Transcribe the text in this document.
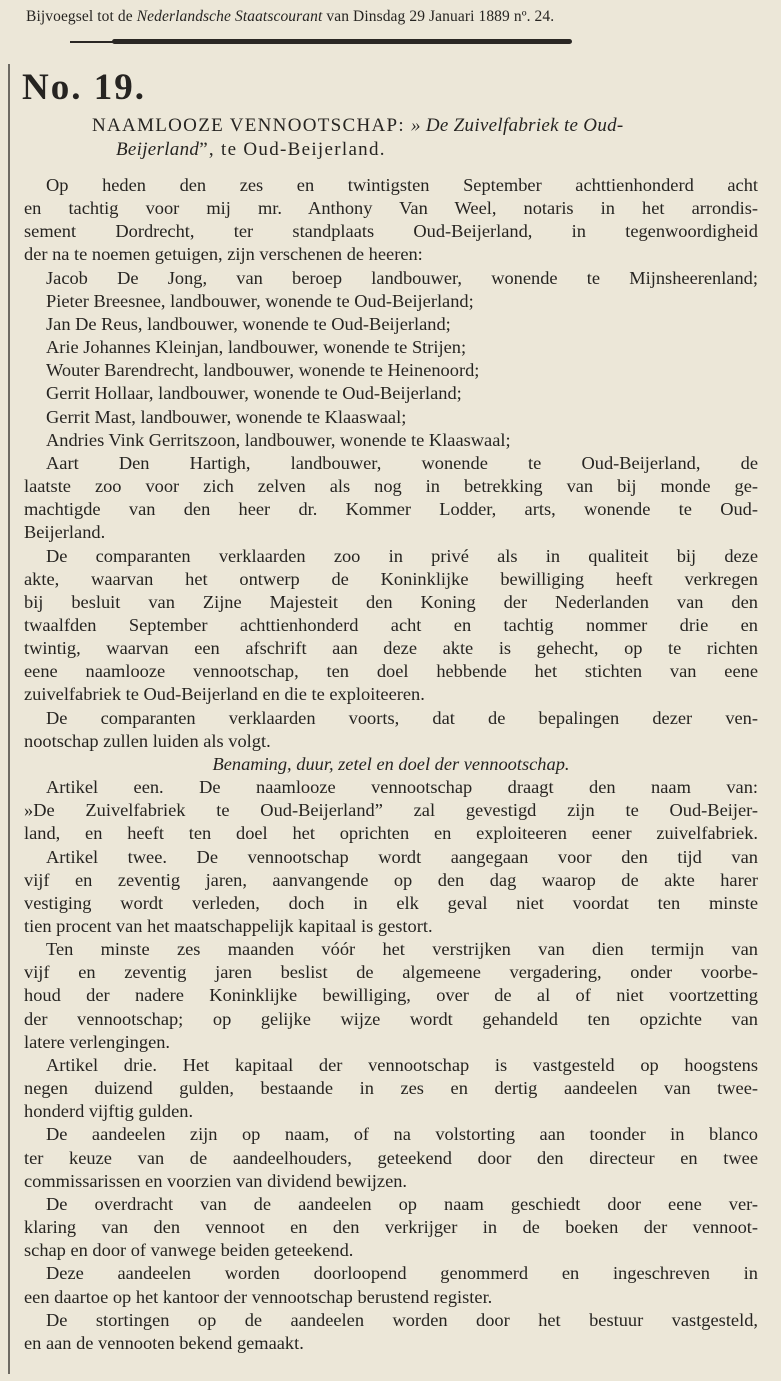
Bijvoegsel tot de Nederlandsche Staatscourant van Dinsdag 29 Januari 1889 nº. 24.
No. 19.
NAAMLOOZE VENNOOTSCHAP: » De Zuivelfabriek te Oud-
Beijerland”, te Oud-Beijerland.
Op heden den zes en twintigsten September achttienhonderd acht
en tachtig voor mij mr. Anthony Van Weel, notaris in het arrondis-
sement Dordrecht, ter standplaats Oud-Beijerland, in tegenwoordigheid
der na te noemen getuigen, zijn verschenen de heeren:
Jacob De Jong, van beroep landbouwer, wonende te Mijnsheerenland;
Pieter Breesnee, landbouwer, wonende te Oud-Beijerland;
Jan De Reus, landbouwer, wonende te Oud-Beijerland;
Arie Johannes Kleinjan, landbouwer, wonende te Strijen;
Wouter Barendrecht, landbouwer, wonende te Heinenoord;
Gerrit Hollaar, landbouwer, wonende te Oud-Beijerland;
Gerrit Mast, landbouwer, wonende te Klaaswaal;
Andries Vink Gerritszoon, landbouwer, wonende te Klaaswaal;
Aart Den Hartigh, landbouwer, wonende te Oud-Beijerland, de
laatste zoo voor zich zelven als nog in betrekking van bij monde ge-
machtigde van den heer dr. Kommer Lodder, arts, wonende te Oud-
Beijerland.
De comparanten verklaarden zoo in privé als in qualiteit bij deze
akte, waarvan het ontwerp de Koninklijke bewilliging heeft verkregen
bij besluit van Zijne Majesteit den Koning der Nederlanden van den
twaalfden September achttienhonderd acht en tachtig nommer drie en
twintig, waarvan een afschrift aan deze akte is gehecht, op te richten
eene naamlooze vennootschap, ten doel hebbende het stichten van eene
zuivelfabriek te Oud-Beijerland en die te exploiteeren.
De comparanten verklaarden voorts, dat de bepalingen dezer ven-
nootschap zullen luiden als volgt.
Benaming, duur, zetel en doel der vennootschap.
Artikel een. De naamlooze vennootschap draagt den naam van:
»De Zuivelfabriek te Oud-Beijerland” zal gevestigd zijn te Oud-Beijer-
land, en heeft ten doel het oprichten en exploiteeren eener zuivelfabriek.
Artikel twee. De vennootschap wordt aangegaan voor den tijd van
vijf en zeventig jaren, aanvangende op den dag waarop de akte harer
vestiging wordt verleden, doch in elk geval niet voordat ten minste
tien procent van het maatschappelijk kapitaal is gestort.
Ten minste zes maanden vóór het verstrijken van dien termijn van
vijf en zeventig jaren beslist de algemeene vergadering, onder voorbe-
houd der nadere Koninklijke bewilliging, over de al of niet voortzetting
der vennootschap; op gelijke wijze wordt gehandeld ten opzichte van
latere verlengingen.
Artikel drie. Het kapitaal der vennootschap is vastgesteld op hoogstens
negen duizend gulden, bestaande in zes en dertig aandeelen van twee-
honderd vijftig gulden.
De aandeelen zijn op naam, of na volstorting aan toonder in blanco
ter keuze van de aandeelhouders, geteekend door den directeur en twee
commissarissen en voorzien van dividend bewijzen.
De overdracht van de aandeelen op naam geschiedt door eene ver-
klaring van den vennoot en den verkrijger in de boeken der vennoot-
schap en door of vanwege beiden geteekend.
Deze aandeelen worden doorloopend genommerd en ingeschreven in
een daartoe op het kantoor der vennootschap berustend register.
De stortingen op de aandeelen worden door het bestuur vastgesteld,
en aan de vennooten bekend gemaakt.
